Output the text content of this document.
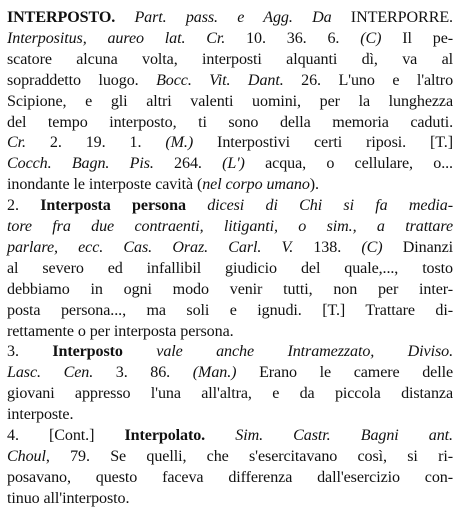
INTERPOSTO. Part. pass. e Agg. Da INTERPORRE.
Interpositus, aureo lat. Cr. 10. 36. 6. (C) Il pe-
scatore alcuna volta, interposti alquanti dì, va al
sopraddetto luogo. Bocc. Vit. Dant. 26. L'uno e l'altro
Scipione, e gli altri valenti uomini, per la lunghezza
del tempo interposto, ti sono della memoria caduti.
Cr. 2. 19. 1. (M.) Interpostivi certi riposi. [T.]
Cocch. Bagn. Pis. 264. (L') acqua, o cellulare, o...
inondante le interposte cavità (nel corpo umano).
2. Interposta persona dicesi di Chi si fa media-
tore fra due contraenti, litiganti, o sim., a trattare
parlare, ecc. Cas. Oraz. Carl. V. 138. (C) Dinanzi
al severo ed infallibil giudicio del quale,..., tosto
debbiamo in ogni modo venir tutti, non per inter-
posta persona..., ma soli e ignudi. [T.] Trattare di-
rettamente o per interposta persona.
3. Interposto vale anche Intramezzato, Diviso.
Lasc. Cen. 3. 86. (Man.) Erano le camere delle
giovani appresso l'una all'altra, e da piccola distanza
interposte.
4. [Cont.] Interpolato. Sim. Castr. Bagni ant.
Choul, 79. Se quelli, che s'esercitavano così, si ri-
posavano, questo faceva differenza dall'esercizio con-
tinuo all'interposto.
